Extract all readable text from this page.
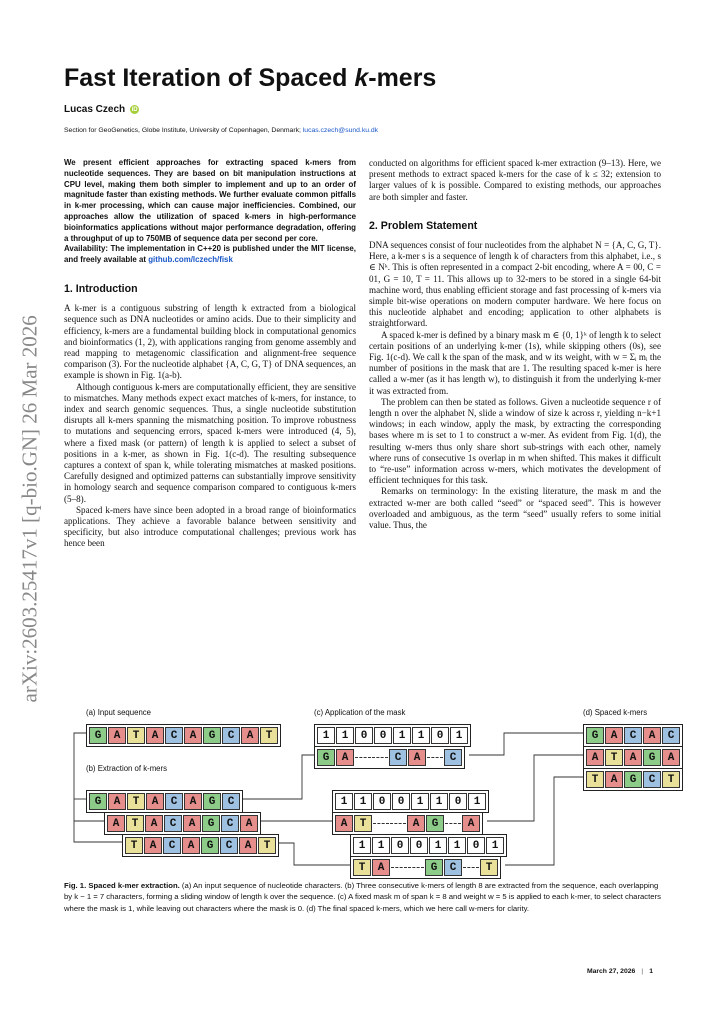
arXiv:2603.25417v1 [q-bio.GN] 26 Mar 2026
Fast Iteration of Spaced k-mers
Lucas Czech iD
Section for GeoGenetics, Globe Institute, University of Copenhagen, Denmark; lucas.czech@sund.ku.dk

We present efficient approaches for extracting spaced k-mers from nucleotide sequences. They are based on bit manipulation instructions at CPU level, making them both simpler to implement and up to an order of magnitude faster than existing methods. We further evaluate common pitfalls in k-mer processing, which can cause major inefficiencies. Combined, our approaches allow the utilization of spaced k-mers in high-performance bioinformatics applications without major performance degradation, offering a throughput of up to 750MB of sequence data per second per core.

Availability: The implementation in C++20 is published under the MIT license, and freely available at github.com/lczech/fisk

1. Introduction

A k-mer is a contiguous substring of length k extracted from a biological sequence such as DNA nucleotides or amino acids. Due to their simplicity and efficiency, k-mers are a fundamental building block in computational genomics and bioinformatics (1, 2), with applications ranging from genome assembly and read mapping to metagenomic classification and alignment-free sequence comparison (3). For the nucleotide alphabet {A, C, G, T} of DNA sequences, an example is shown in Fig. 1(a-b).

Although contiguous k-mers are computationally efficient, they are sensitive to mismatches. Many methods expect exact matches of k-mers, for instance, to index and search genomic sequences. Thus, a single nucleotide substitution disrupts all k-mers spanning the mismatching position. To improve robustness to mutations and sequencing errors, spaced k-mers were introduced (4, 5), where a fixed mask (or pattern) of length k is applied to select a subset of positions in a k-mer, as shown in Fig. 1(c-d). The resulting subsequence captures a context of span k, while tolerating mismatches at masked positions. Carefully designed and optimized patterns can substantially improve sensitivity in homology search and sequence comparison compared to contiguous k-mers (5–8).

Spaced k-mers have since been adopted in a broad range of bioinformatics applications. They achieve a favorable balance between sensitivity and specificity, but also introduce computational challenges; previous work has hence been

conducted on algorithms for efficient spaced k-mer extraction (9–13). Here, we present methods to extract spaced k-mers for the case of k ≤ 32; extension to larger values of k is possible. Compared to existing methods, our approaches are both simpler and faster.

2. Problem Statement

DNA sequences consist of four nucleotides from the alphabet N = {A, C, G, T}. Here, a k-mer s is a sequence of length k of characters from this alphabet, i.e., s ∈ Nᵏ. This is often represented in a compact 2-bit encoding, where A = 00, C = 01, G = 10, T = 11. This allows up to 32-mers to be stored in a single 64-bit machine word, thus enabling efficient storage and fast processing of k-mers via simple bit-wise operations on modern computer hardware. We here focus on this nucleotide alphabet and encoding; application to other alphabets is straightforward.

A spaced k-mer is defined by a binary mask m ∈ {0, 1}ᵏ of length k to select certain positions of an underlying k-mer (1s), while skipping others (0s), see Fig. 1(c-d). We call k the span of the mask, and w its weight, with w = Σᵢ mᵢ the number of positions in the mask that are 1. The resulting spaced k-mer is here called a w-mer (as it has length w), to distinguish it from the underlying k-mer it was extracted from.

The problem can then be stated as follows. Given a nucleotide sequence r of length n over the alphabet N, slide a window of size k across r, yielding n−k+1 windows; in each window, apply the mask, by extracting the corresponding bases where m is set to 1 to construct a w-mer. As evident from Fig. 1(d), the resulting w-mers thus only share short sub-strings with each other, namely where runs of consecutive 1s overlap in m when shifted. This makes it difficult to “re-use” information across w-mers, which motivates the development of efficient techniques for this task.

Remarks on terminology: In the existing literature, the mask m and the extracted w-mer are both called “seed” or “spaced seed”. This is however overloaded and ambiguous, as the term “seed” usually refers to some initial value. Thus, the

(a) Input sequence
(b) Extraction of k-mers
(c) Application of the mask	(d) Spaced k-mers
G	A	T	A	C	A	G	C	A	T
G	A	T	A	C	A	G	C
A	T	A	C	A	G	C	A
T	A	C	A	G	C	A	T
1	1	0	0	1	1	0	1
G	A	C	A	C
1	1	0	0	1	1	0	1
A	T	A	G	A
1	1	0	0	1	1	0	1
T	A	G	C	T
G	A	C	A	C
A	T	A	G	A
T	A	G	C	T
Fig. 1. Spaced k-mer extraction. (a) An input sequence of nucleotide characters. (b) Three consecutive k-mers of length 8 are extracted from the sequence, each overlapping by k − 1 = 7 characters, forming a sliding window of length k over the sequence. (c) A fixed mask m of span k = 8 and weight w = 5 is applied to each k-mer, to select characters where the mask is 1, while leaving out characters where the mask is 0. (d) The final spaced k-mers, which we here call w-mers for clarity.
March 27, 2026 | 1
